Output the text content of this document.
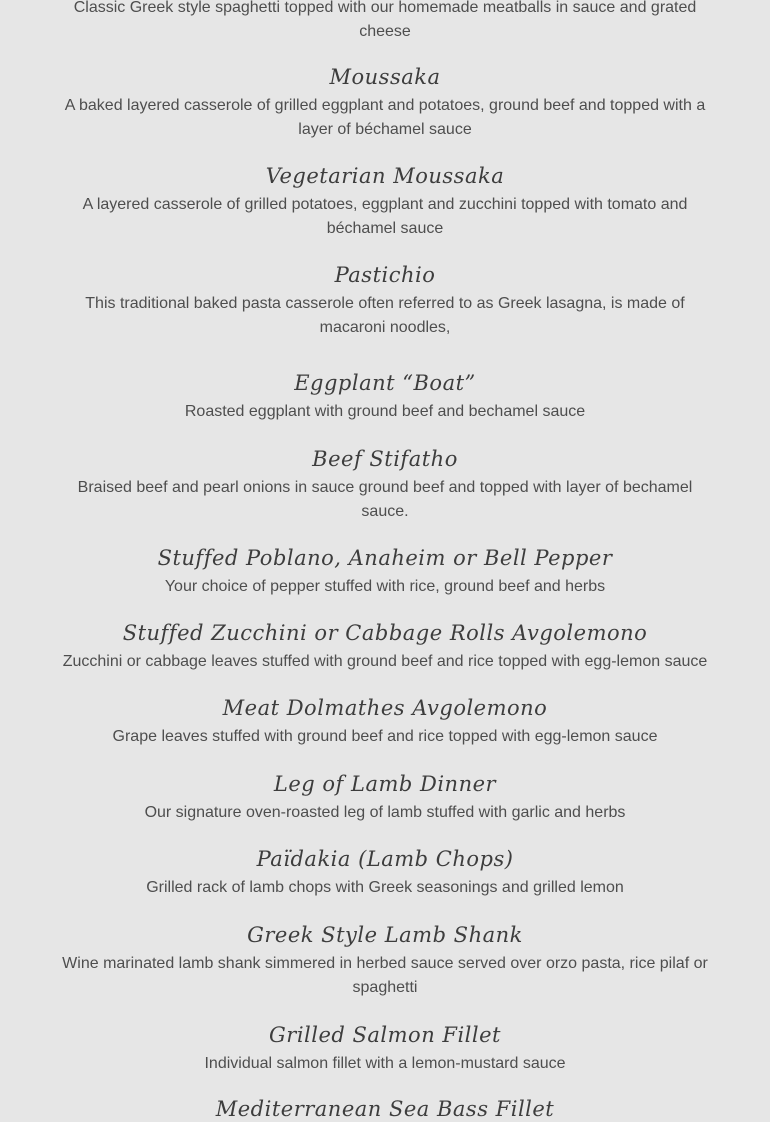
Classic Greek style spaghetti topped with our homemade meatballs in sauce and grated cheese
Moussaka
A baked layered casserole of grilled eggplant and potatoes, ground beef and topped with a layer of béchamel sauce
Vegetarian Moussaka
A layered casserole of grilled potatoes, eggplant and zucchini topped with tomato and béchamel sauce
Pastichio
This traditional baked pasta casserole often referred to as Greek lasagna, is made of macaroni noodles,
Eggplant “Boat”
Roasted eggplant with ground beef and bechamel sauce
Beef Stifatho
Braised beef and pearl onions in sauce ground beef and topped with layer of bechamel sauce.
Stuffed Poblano, Anaheim or Bell Pepper
Your choice of pepper stuffed with rice, ground beef and herbs
Stuffed Zucchini or Cabbage Rolls Avgolemono
Zucchini or cabbage leaves stuffed with ground beef and rice topped with egg-lemon sauce
Meat Dolmathes Avgolemono
Grape leaves stuffed with ground beef and rice topped with egg-lemon sauce
Leg of Lamb Dinner
Our signature oven-roasted leg of lamb stuffed with garlic and herbs
Païdakia (Lamb Chops)
Grilled rack of lamb chops with Greek seasonings and grilled lemon
Greek Style Lamb Shank
Wine marinated lamb shank simmered in herbed sauce served over orzo pasta, rice pilaf or spaghetti
Grilled Salmon Fillet
Individual salmon fillet with a lemon-mustard sauce
Mediterranean Sea Bass Fillet
